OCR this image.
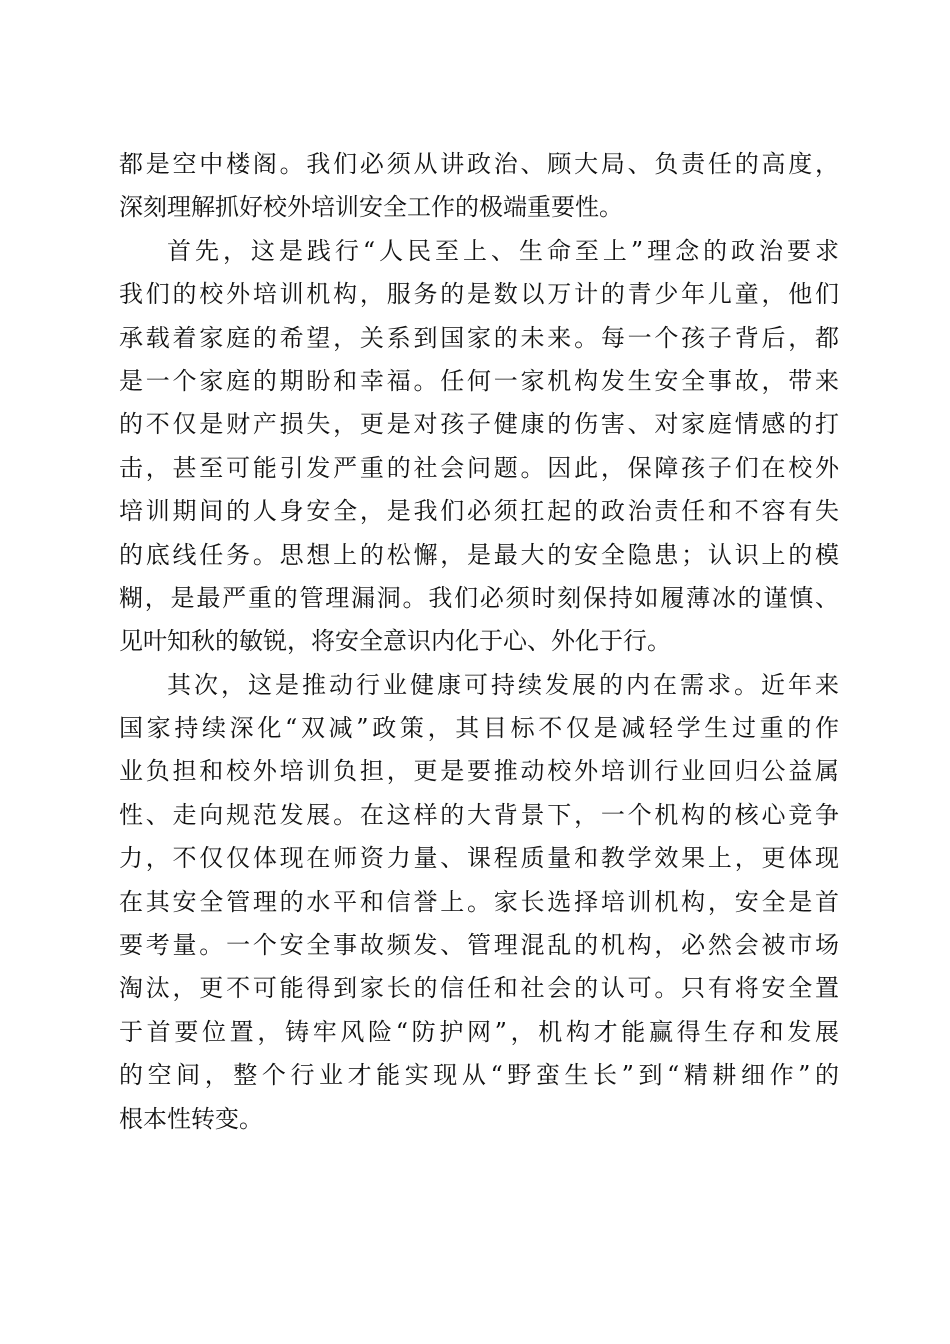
都是空中楼阁。我们必须从讲政治、顾大局、负责任的高度，
深刻理解抓好校外培训安全工作的极端重要性。
首先，这是践行“人民至上、生命至上”理念的政治要求
我们的校外培训机构，服务的是数以万计的青少年儿童，他们
承载着家庭的希望，关系到国家的未来。每一个孩子背后，都
是一个家庭的期盼和幸福。任何一家机构发生安全事故，带来
的不仅是财产损失，更是对孩子健康的伤害、对家庭情感的打
击，甚至可能引发严重的社会问题。因此，保障孩子们在校外
培训期间的人身安全，是我们必须扛起的政治责任和不容有失
的底线任务。思想上的松懈，是最大的安全隐患；认识上的模
糊，是最严重的管理漏洞。我们必须时刻保持如履薄冰的谨慎、
见叶知秋的敏锐，将安全意识内化于心、外化于行。
其次，这是推动行业健康可持续发展的内在需求。近年来
国家持续深化“双减”政策，其目标不仅是减轻学生过重的作
业负担和校外培训负担，更是要推动校外培训行业回归公益属
性、走向规范发展。在这样的大背景下，一个机构的核心竞争
力，不仅仅体现在师资力量、课程质量和教学效果上，更体现
在其安全管理的水平和信誉上。家长选择培训机构，安全是首
要考量。一个安全事故频发、管理混乱的机构，必然会被市场
淘汰，更不可能得到家长的信任和社会的认可。只有将安全置
于首要位置，铸牢风险“防护网”，机构才能赢得生存和发展
的空间，整个行业才能实现从“野蛮生长”到“精耕细作”的
根本性转变。
